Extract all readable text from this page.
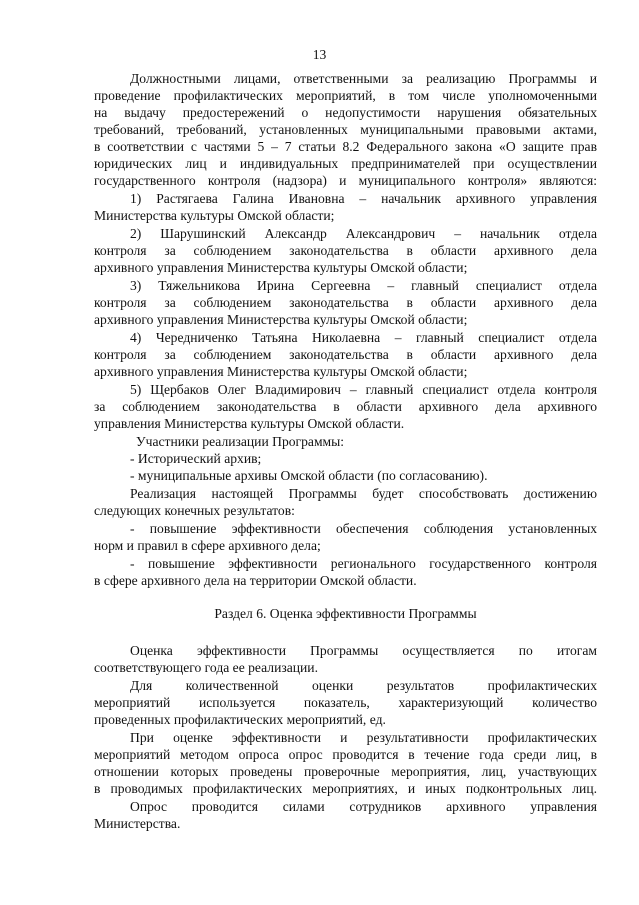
13
Должностными лицами, ответственными за реализацию Программы и
проведение профилактических мероприятий, в том числе уполномоченными
на выдачу предостережений о недопустимости нарушения обязательных
требований, требований, установленных муниципальными правовыми актами,
в соответствии с частями 5 – 7 статьи 8.2 Федерального закона «О защите прав
юридических лиц и индивидуальных предпринимателей при осуществлении
государственного контроля (надзора) и муниципального контроля» являются:
1) Растягаева Галина Ивановна – начальник архивного управления
Министерства культуры Омской области;
2) Шарушинский Александр Александрович – начальник отдела
контроля за соблюдением законодательства в области архивного дела
архивного управления Министерства культуры Омской области;
3) Тяжельникова Ирина Сергеевна – главный специалист отдела
контроля за соблюдением законодательства в области архивного дела
архивного управления Министерства культуры Омской области;
4) Чередниченко Татьяна Николаевна – главный специалист отдела
контроля за соблюдением законодательства в области архивного дела
архивного управления Министерства культуры Омской области;
5) Щербаков Олег Владимирович – главный специалист отдела контроля
за соблюдением законодательства в области архивного дела архивного
управления Министерства культуры Омской области.
Участники реализации Программы:
- Исторический архив;
- муниципальные архивы Омской области (по согласованию).
Реализация настоящей Программы будет способствовать достижению
следующих конечных результатов:
- повышение эффективности обеспечения соблюдения установленных
норм и правил в сфере архивного дела;
- повышение эффективности регионального государственного контроля
в сфере архивного дела на территории Омской области.
Раздел 6. Оценка эффективности Программы
Оценка эффективности Программы осуществляется по итогам
соответствующего года ее реализации.
Для количественной оценки результатов профилактических
мероприятий используется показатель, характеризующий количество
проведенных профилактических мероприятий, ед.
При оценке эффективности и результативности профилактических
мероприятий методом опроса опрос проводится в течение года среди лиц, в
отношении которых проведены проверочные мероприятия, лиц, участвующих
в проводимых профилактических мероприятиях, и иных подконтрольных лиц.
Опрос проводится силами сотрудников архивного управления
Министерства.
